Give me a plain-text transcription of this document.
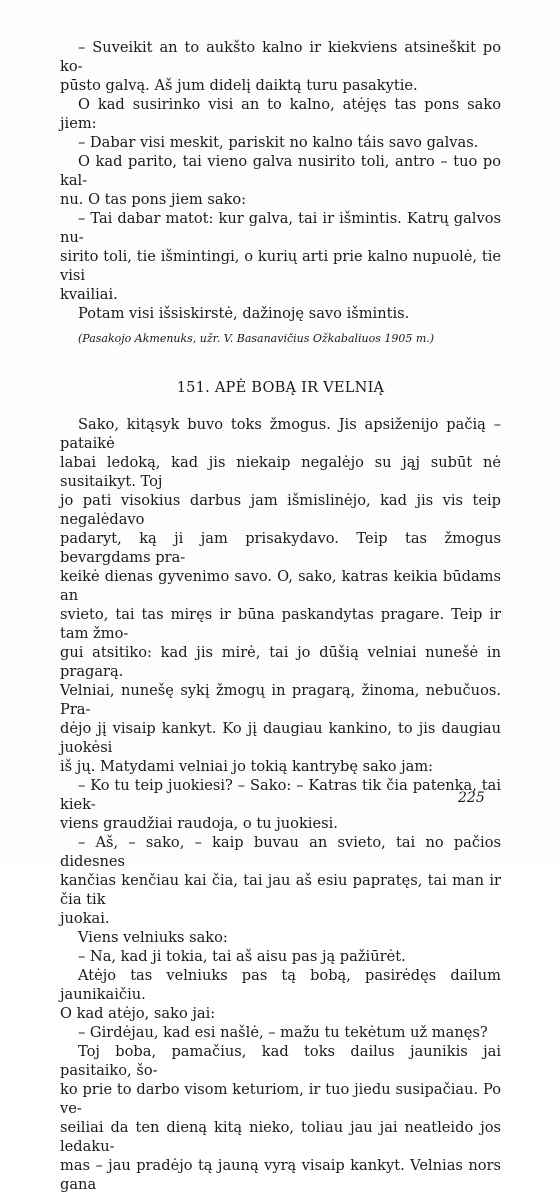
– Suveikit an to aukšto kalno ir kiekviens atsineškit po ko-
pūsto galvą. Aš jum didelį daiktą turu pasakytie.
O kad susirinko visi an to kalno, atėjęs tas pons sako jiem:
– Dabar visi meskit, pariskit no kalno táis savo galvas.
O kad parito, tai vieno galva nusirito toli, antro – tuo po kal-
nu. O tas pons jiem sako:
– Tai dabar matot: kur galva, tai ir išmintis. Katrų galvos nu-
sirito toli, tie išmintingi, o kurių arti prie kalno nupuolė, tie visi
kvailiai.
Potam visi išsiskirstė, dažinoję savo išmintis.
(Pasakojo Akmenuks, užr. V. Basanavičius Ožkabaliuos 1905 m.)
151. APĖ BOBĄ IR VELNIĄ
Sako, kitąsyk buvo toks žmogus. Jis apsiženijo pačią – pataikė
labai ledoką, kad jis niekaip negalėjo su jąj subūt nė susitaikyt. Toj
jo pati visokius darbus jam išmislinėjo, kad jis vis teip negalėdavo
padaryt, ką ji jam prisakydavo. Teip tas žmogus bevargdams pra-
keikė dienas gyvenimo savo. O, sako, katras keikia būdams an
svieto, tai tas miręs ir būna paskandytas pragare. Teip ir tam žmo-
gui atsitiko: kad jis mirė, tai jo dūšią velniai nunešė in pragarą.
Velniai, nunešę sykį žmogų in pragarą, žinoma, nebučuos. Pra-
dėjo jį visaip kankyt. Ko jį daugiau kankino, to jis daugiau juokėsi
iš jų. Matydami velniai jo tokią kantrybę sako jam:
– Ko tu teip juokiesi? – Sako: – Katras tik čia patenka, tai kiek-
viens graudžiai raudoja, o tu juokiesi.
– Aš, – sako, – kaip buvau an svieto, tai no pačios didesnes
kančias kenčiau kai čia, tai jau aš esiu papratęs, tai man ir čia tik
juokai.
Viens velniuks sako:
– Na, kad ji tokia, tai aš aisu pas ją pažiūrėt.
Atėjo tas velniuks pas tą bobą, pasirėdęs dailum jaunikaičiu.
O kad atėjo, sako jai:
– Girdėjau, kad esi našlė, – mažu tu tekėtum už manęs?
Toj boba, pamačius, kad toks dailus jaunikis jai pasitaiko, šo-
ko prie to darbo visom keturiom, ir tuo jiedu susipačiau. Po ve-
seiliai da ten dieną kitą nieko, toliau jau jai neatleido jos ledaku-
mas – jau pradėjo tą jauną vyrą visaip kankyt. Velnias nors gana
225
